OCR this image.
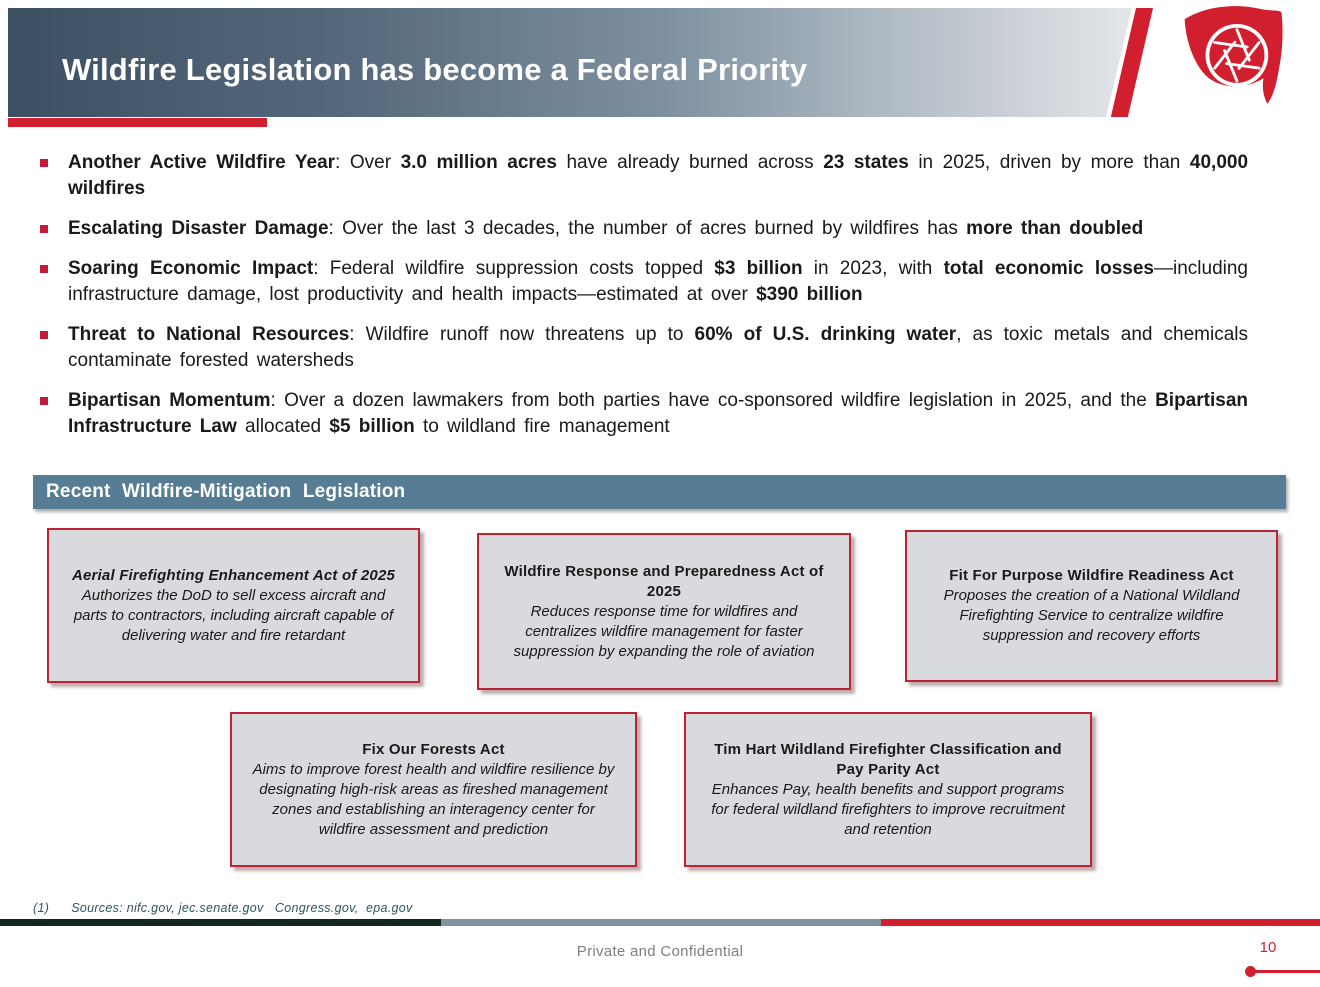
Wildfire Legislation has become a Federal Priority

Another Active Wildfire Year: Over 3.0 million acres have already burned across 23 states in 2025, driven by more than 40,000 wildfires

Escalating Disaster Damage: Over the last 3 decades, the number of acres burned by wildfires has more than doubled

Soaring Economic Impact: Federal wildfire suppression costs topped $3 billion in 2023, with total economic losses—including infrastructure damage, lost productivity and health impacts—estimated at over $390 billion

Threat to National Resources: Wildfire runoff now threatens up to 60% of U.S. drinking water, as toxic metals and chemicals contaminate forested watersheds

Bipartisan Momentum: Over a dozen lawmakers from both parties have co-sponsored wildfire legislation in 2025, and the Bipartisan Infrastructure Law allocated $5 billion to wildland fire management

Recent Wildfire-Mitigation Legislation
Aerial Firefighting Enhancement Act of 2025
Authorizes the DoD to sell excess aircraft and parts to contractors, including aircraft capable of delivering water and fire retardant
Wildfire Response and Preparedness Act of 2025
Reduces response time for wildfires and centralizes wildfire management for faster suppression by expanding the role of aviation
Fit For Purpose Wildfire Readiness Act
Proposes the creation of a National Wildland Firefighting Service to centralize wildfire suppression and recovery efforts
Fix Our Forests Act
Aims to improve forest health and wildfire resilience by designating high-risk areas as fireshed management zones and establishing an interagency center for wildfire assessment and prediction
Tim Hart Wildland Firefighter Classification and Pay Parity Act
Enhances Pay, health benefits and support programs for federal wildland firefighters to improve recruitment and retention
(1) Sources: nifc.gov, jec.senate.gov   Congress.gov,  epa.gov
Private and Confidential	10
